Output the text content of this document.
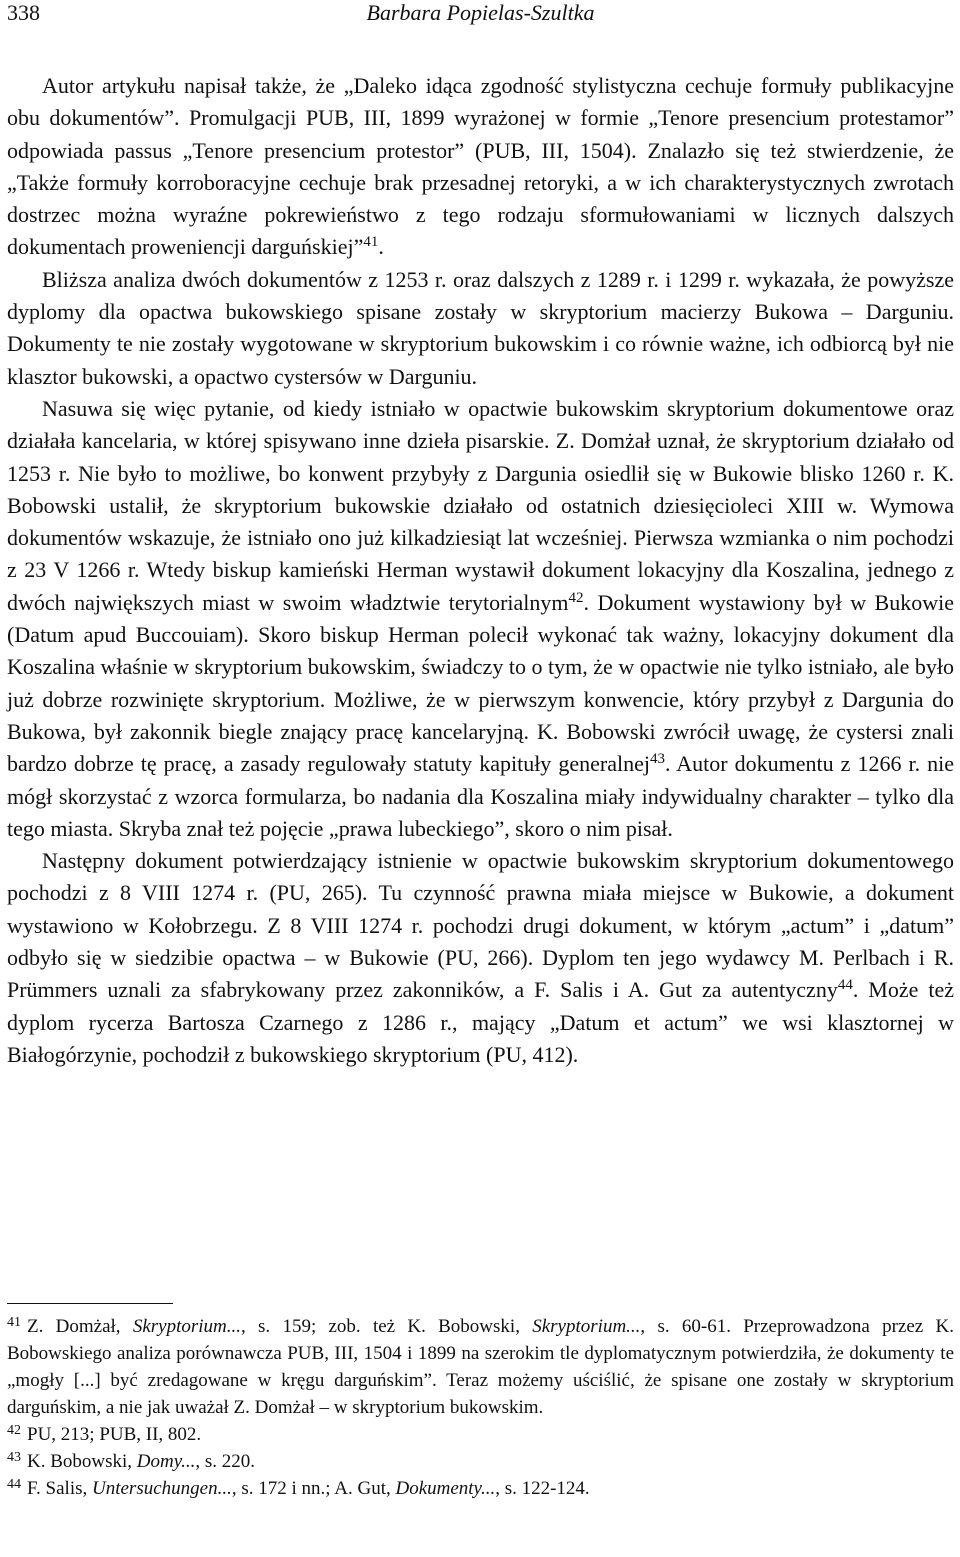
338	Barbara Popielas-Szultka

Autor artykułu napisał także, że „Daleko idąca zgodność stylistyczna cechuje formuły publikacyjne obu dokumentów”. Promulgacji PUB, III, 1899 wyrażonej w formie „Tenore presencium protestamor” odpowiada passus „Tenore presencium protestor” (PUB, III, 1504). Znalazło się też stwierdzenie, że „Także formuły korroboracyjne cechuje brak przesadnej retoryki, a w ich charakterystycznych zwrotach dostrzec można wyraźne pokrewieństwo z tego rodzaju sformułowaniami w licznych dalszych dokumentach proweniencji darguńskiej”$^{41}$.

Bliższa analiza dwóch dokumentów z 1253 r. oraz dalszych z 1289 r. i 1299 r. wykazała, że powyższe dyplomy dla opactwa bukowskiego spisane zostały w skryptorium macierzy Bukowa – Darguniu. Dokumenty te nie zostały wygotowane w skryptorium bukowskim i co równie ważne, ich odbiorcą był nie klasztor bukowski, a opactwo cystersów w Darguniu.

Nasuwa się więc pytanie, od kiedy istniało w opactwie bukowskim skryptorium dokumentowe oraz działała kancelaria, w której spisywano inne dzieła pisarskie. Z. Domżał uznał, że skryptorium działało od 1253 r. Nie było to możliwe, bo konwent przybyły z Dargunia osiedlił się w Bukowie blisko 1260 r. K. Bobowski ustalił, że skryptorium bukowskie działało od ostatnich dziesięcioleci XIII w. Wymowa dokumentów wskazuje, że istniało ono już kilkadziesiąt lat wcześniej. Pierwsza wzmianka o nim pochodzi z 23 V 1266 r. Wtedy biskup kamieński Herman wystawił dokument lokacyjny dla Koszalina, jednego z dwóch największych miast w swoim władztwie terytorialnym$^{42}$. Dokument wystawiony był w Bukowie (Datum apud Buccouiam). Skoro biskup Herman polecił wykonać tak ważny, lokacyjny dokument dla Koszalina właśnie w skryptorium bukowskim, świadczy to o tym, że w opactwie nie tylko istniało, ale było już dobrze rozwinięte skryptorium. Możliwe, że w pierwszym konwencie, który przybył z Dargunia do Bukowa, był zakonnik biegle znający pracę kancelaryjną. K. Bobowski zwrócił uwagę, że cystersi znali bardzo dobrze tę pracę, a zasady regulowały statuty kapituły generalnej$^{43}$. Autor dokumentu z 1266 r. nie mógł skorzystać z wzorca formularza, bo nadania dla Koszalina miały indywidualny charakter – tylko dla tego miasta. Skryba znał też pojęcie „prawa lubeckiego”, skoro o nim pisał.

Następny dokument potwierdzający istnienie w opactwie bukowskim skryptorium dokumentowego pochodzi z 8 VIII 1274 r. (PU, 265). Tu czynność prawna miała miejsce w Bukowie, a dokument wystawiono w Kołobrzegu. Z 8 VIII 1274 r. pochodzi drugi dokument, w którym „actum” i „datum” odbyło się w siedzibie opactwa – w Bukowie (PU, 266). Dyplom ten jego wydawcy M. Perlbach i R. Prümmers uznali za sfabrykowany przez zakonników, a F. Salis i A. Gut za autentyczny$^{44}$. Może też dyplom rycerza Bartosza Czarnego z 1286 r., mający „Datum et actum” we wsi klasztornej w Białogórzynie, pochodził z bukowskiego skryptorium (PU, 412).

$^{41}$ Z. Domżał, Skryptorium..., s. 159; zob. też K. Bobowski, Skryptorium..., s. 60-61. Przeprowadzona przez K. Bobowskiego analiza porównawcza PUB, III, 1504 i 1899 na szerokim tle dyplomatycznym potwierdziła, że dokumenty te „mogły [...] być zredagowane w kręgu darguńskim”. Teraz możemy uściślić, że spisane one zostały w skryptorium darguńskim, a nie jak uważał Z. Domżał – w skryptorium bukowskim.
$^{42}$ PU, 213; PUB, II, 802.
$^{43}$ K. Bobowski, Domy..., s. 220.
$^{44}$ F. Salis, Untersuchungen..., s. 172 i nn.; A. Gut, Dokumenty..., s. 122-124.
